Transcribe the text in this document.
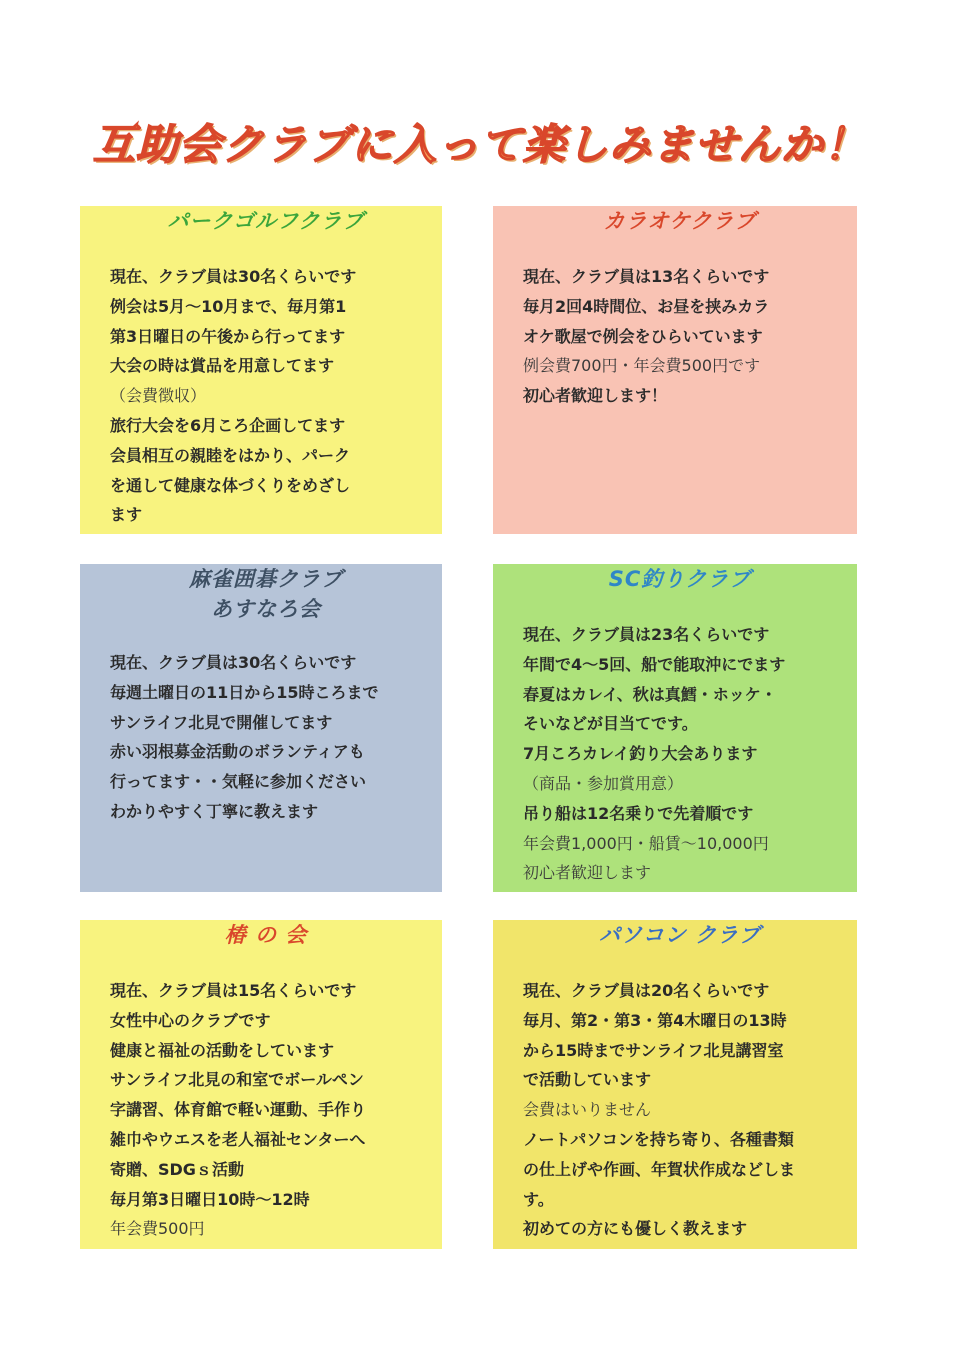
互助会クラブに入って楽しみませんか！
パークゴルフクラブ
現在、クラブ員は30名くらいです
例会は5月～10月まで、毎月第1
第3日曜日の午後から行ってます
大会の時は賞品を用意してます
（会費徴収）
旅行大会を6月ころ企画してます
会員相互の親睦をはかり、パーク
を通して健康な体づくりをめざし
ます
カラオケクラブ
現在、クラブ員は13名くらいです
毎月2回4時間位、お昼を挟みカラ
オケ歌屋で例会をひらいています
例会費700円・年会費500円です
初心者歓迎します！
麻雀囲碁クラブ
あすなろ会
現在、クラブ員は30名くらいです
毎週土曜日の11日から15時ころまで
サンライフ北見で開催してます
赤い羽根募金活動のボランティアも
行ってます・・気軽に参加ください
わかりやすく丁寧に教えます
SC釣りクラブ
現在、クラブ員は23名くらいです
年間で4～5回、船で能取沖にでます
春夏はカレイ、秋は真鱈・ホッケ・
そいなどが目当てです。
7月ころカレイ釣り大会あります
（商品・参加賞用意）
吊り船は12名乗りで先着順です
年会費1,000円・船賃～10,000円
初心者歓迎します
椿 の 会
現在、クラブ員は15名くらいです
女性中心のクラブです
健康と福祉の活動をしています
サンライフ北見の和室でボールペン
字講習、体育館で軽い運動、手作り
雑巾やウエスを老人福祉センターへ
寄贈、SDGｓ活動
毎月第3日曜日10時～12時
年会費500円
パソコン クラブ
現在、クラブ員は20名くらいです
毎月、第2・第3・第4木曜日の13時
から15時までサンライフ北見講習室
で活動しています
会費はいりません
ノートパソコンを持ち寄り、各種書類
の仕上げや作画、年賀状作成などしま
す。
初めての方にも優しく教えます
